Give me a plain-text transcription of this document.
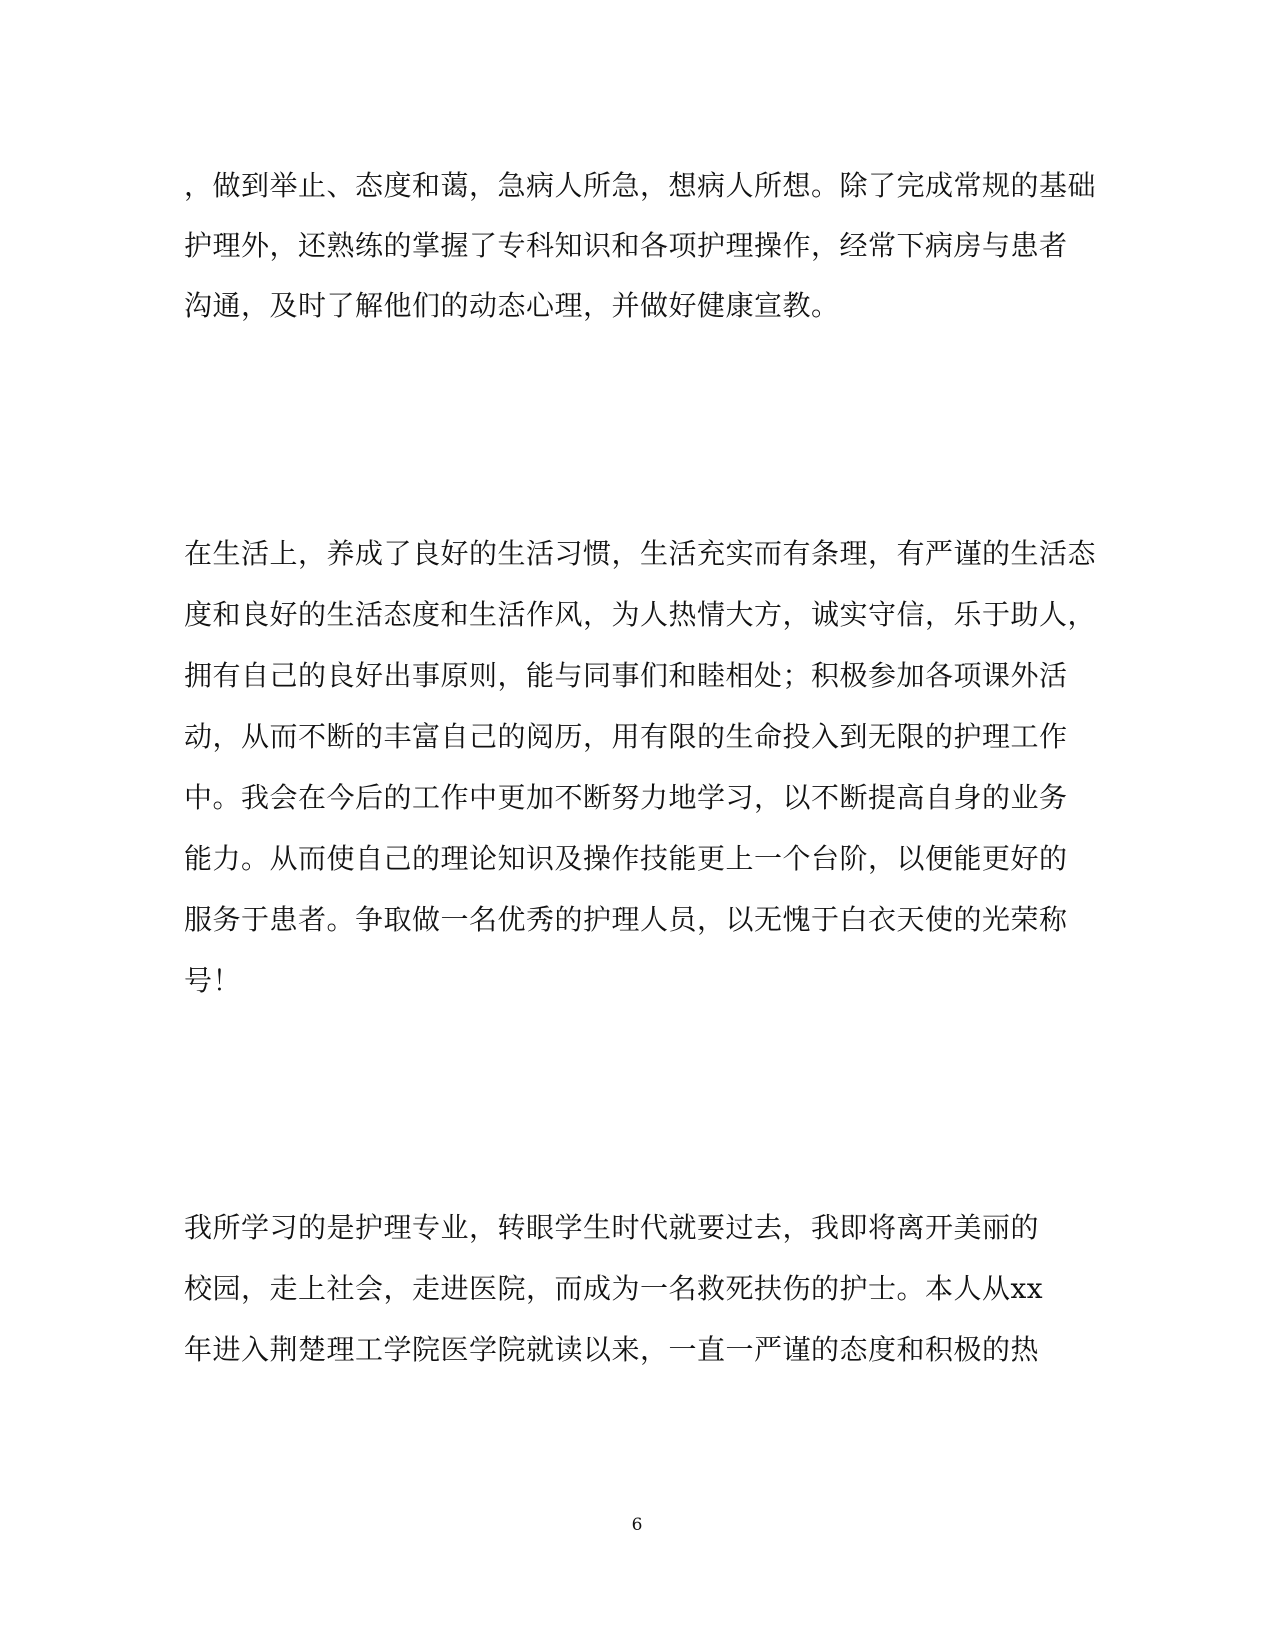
，做到举止、态度和蔼，急病人所急，想病人所想。除了完成常规的基础
护理外，还熟练的掌握了专科知识和各项护理操作，经常下病房与患者
沟通，及时了解他们的动态心理，并做好健康宣教。
在生活上，养成了良好的生活习惯，生活充实而有条理，有严谨的生活态
度和良好的生活态度和生活作风，为人热情大方，诚实守信，乐于助人，
拥有自己的良好出事原则，能与同事们和睦相处；积极参加各项课外活
动，从而不断的丰富自己的阅历，用有限的生命投入到无限的护理工作
中。我会在今后的工作中更加不断努力地学习，以不断提高自身的业务
能力。从而使自己的理论知识及操作技能更上一个台阶，以便能更好的
服务于患者。争取做一名优秀的护理人员，以无愧于白衣天使的光荣称
号！
我所学习的是护理专业，转眼学生时代就要过去，我即将离开美丽的
校园，走上社会，走进医院，而成为一名救死扶伤的护士。本人从xx
年进入荆楚理工学院医学院就读以来，一直一严谨的态度和积极的热
6
